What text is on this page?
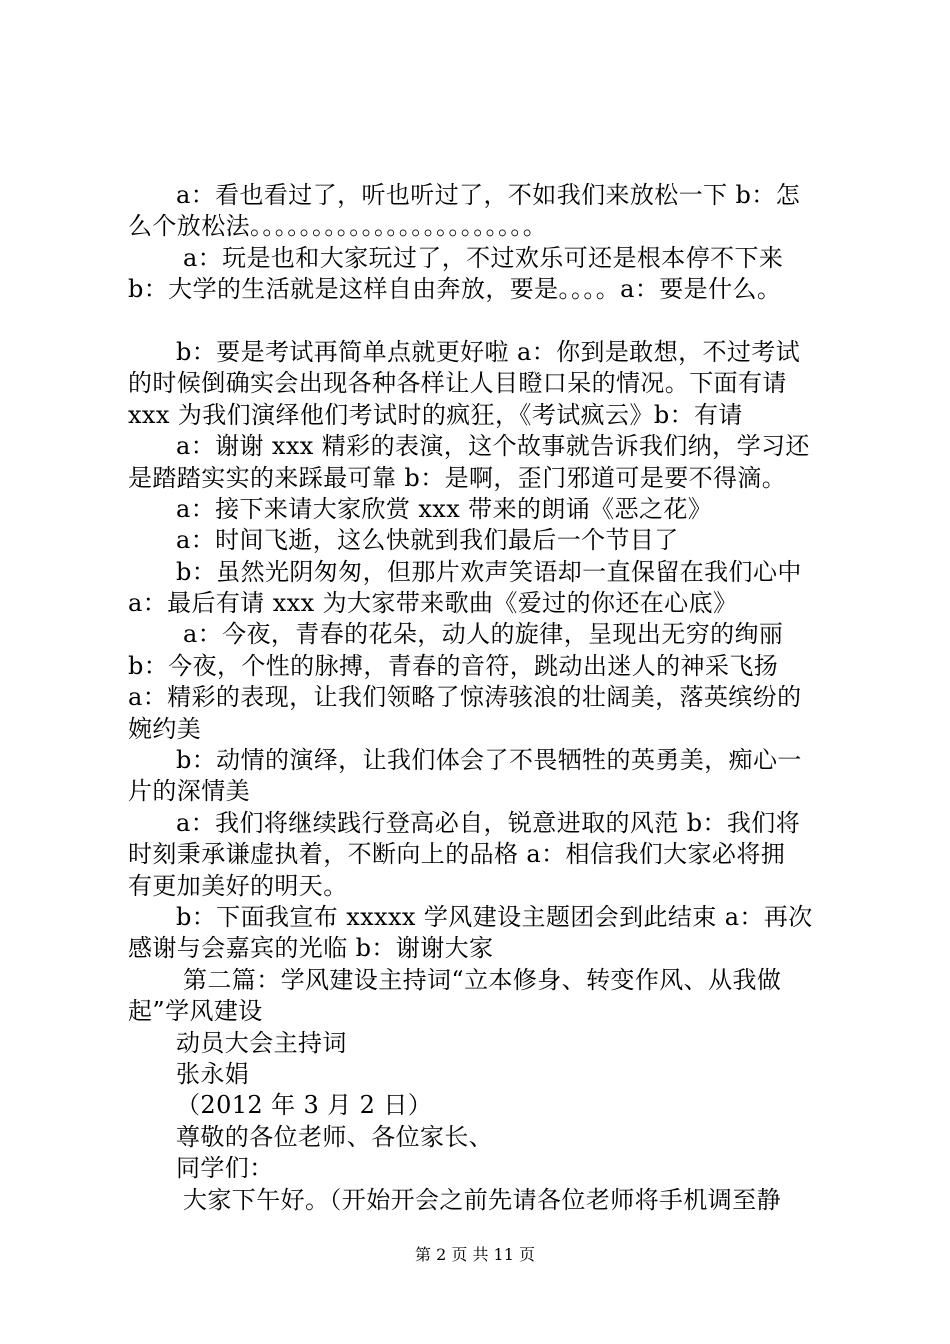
a：看也看过了，听也听过了，不如我们来放松一下 b：怎
么个放松法。。。。。。。。。。。。。。。。。。。。。。。
a：玩是也和大家玩过了，不过欢乐可还是根本停不下来
b：大学的生活就是这样自由奔放，要是。。。。a：要是什么。
b：要是考试再简单点就更好啦 a：你到是敢想，不过考试
的时候倒确实会出现各种各样让人目瞪口呆的情况。下面有请
xxx 为我们演绎他们考试时的疯狂，《考试疯云》b：有请
a：谢谢 xxx 精彩的表演，这个故事就告诉我们纳，学习还
是踏踏实实的来踩最可靠 b：是啊，歪门邪道可是要不得滴。
a：接下来请大家欣赏 xxx 带来的朗诵《恶之花》
a：时间飞逝，这么快就到我们最后一个节目了
b：虽然光阴匆匆，但那片欢声笑语却一直保留在我们心中
a：最后有请 xxx 为大家带来歌曲《爱过的你还在心底》
a：今夜，青春的花朵，动人的旋律，呈现出无穷的绚丽
b：今夜，个性的脉搏，青春的音符，跳动出迷人的神采飞扬
a：精彩的表现，让我们领略了惊涛骇浪的壮阔美，落英缤纷的
婉约美
b：动情的演绎，让我们体会了不畏牺牲的英勇美，痴心一
片的深情美
a：我们将继续践行登高必自，锐意进取的风范 b：我们将
时刻秉承谦虚执着，不断向上的品格 a：相信我们大家必将拥
有更加美好的明天。
b：下面我宣布 xxxxx 学风建设主题团会到此结束 a：再次
感谢与会嘉宾的光临 b：谢谢大家
第二篇：学风建设主持词“立本修身、转变作风、从我做
起”学风建设
动员大会主持词
张永娟
（2012 年 3 月 2 日）
尊敬的各位老师、各位家长、
同学们：
大家下午好。（开始开会之前先请各位老师将手机调至静
第 2 页 共 11 页
